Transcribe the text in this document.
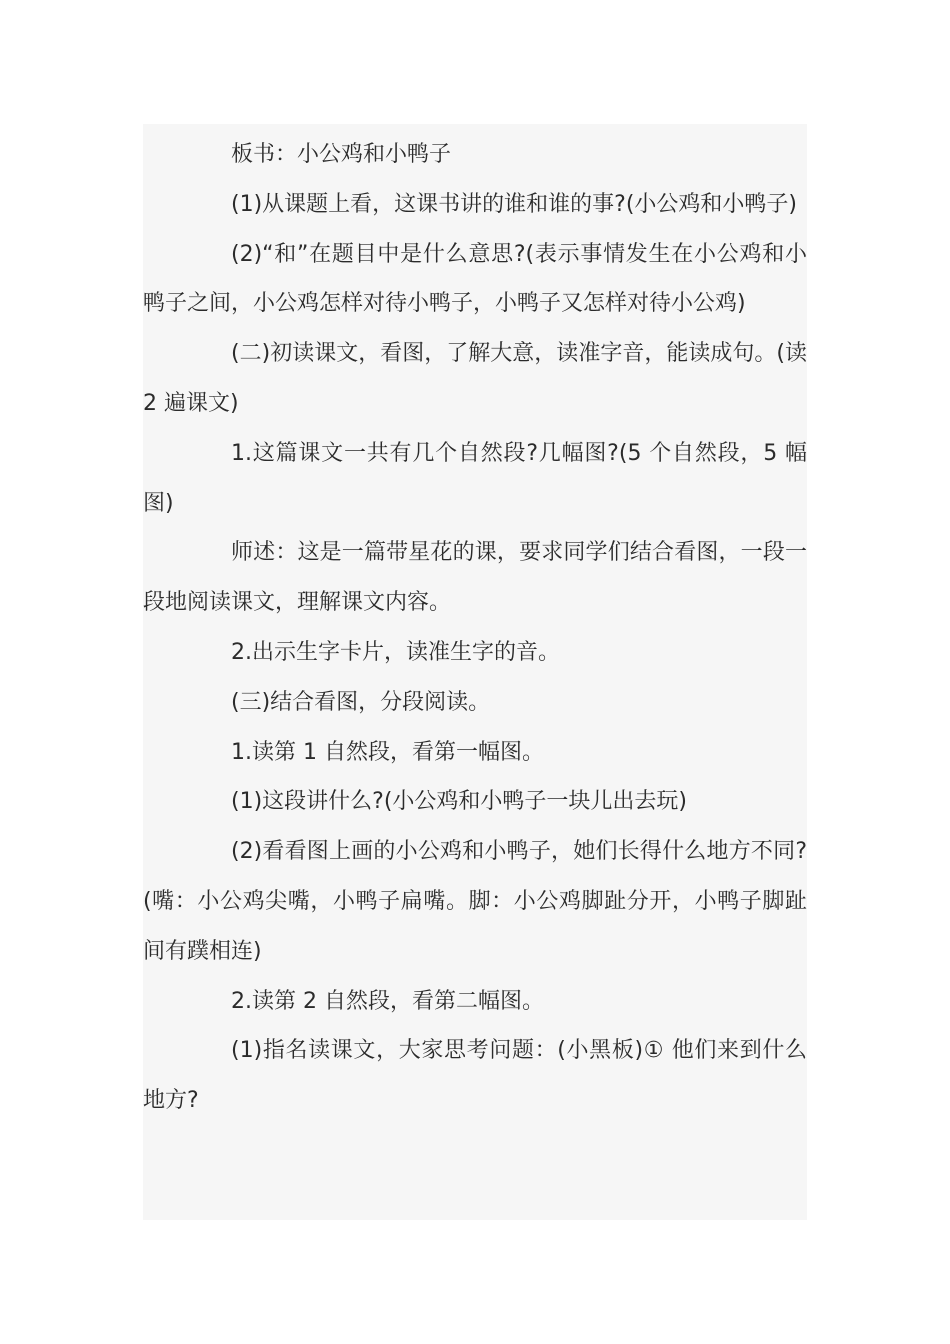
板书：小公鸡和小鸭子

(1)从课题上看，这课书讲的谁和谁的事?(小公鸡和小鸭子)

(2)“和”在题目中是什么意思?(表示事情发生在小公鸡和小鸭子之间，小公鸡怎样对待小鸭子，小鸭子又怎样对待小公鸡)

(二)初读课文，看图，了解大意，读准字音，能读成句。(读 2 遍课文)

1.这篇课文一共有几个自然段?几幅图?(5 个自然段，5 幅图)

师述：这是一篇带星花的课，要求同学们结合看图，一段一段地阅读课文，理解课文内容。

2.出示生字卡片，读准生字的音。

(三)结合看图，分段阅读。

1.读第 1 自然段，看第一幅图。

(1)这段讲什么?(小公鸡和小鸭子一块儿出去玩)

(2)看看图上画的小公鸡和小鸭子，她们长得什么地方不同?(嘴：小公鸡尖嘴，小鸭子扁嘴。脚：小公鸡脚趾分开，小鸭子脚趾间有蹼相连)

2.读第 2 自然段，看第二幅图。

(1)指名读课文，大家思考问题：(小黑板)① 他们来到什么地方?
